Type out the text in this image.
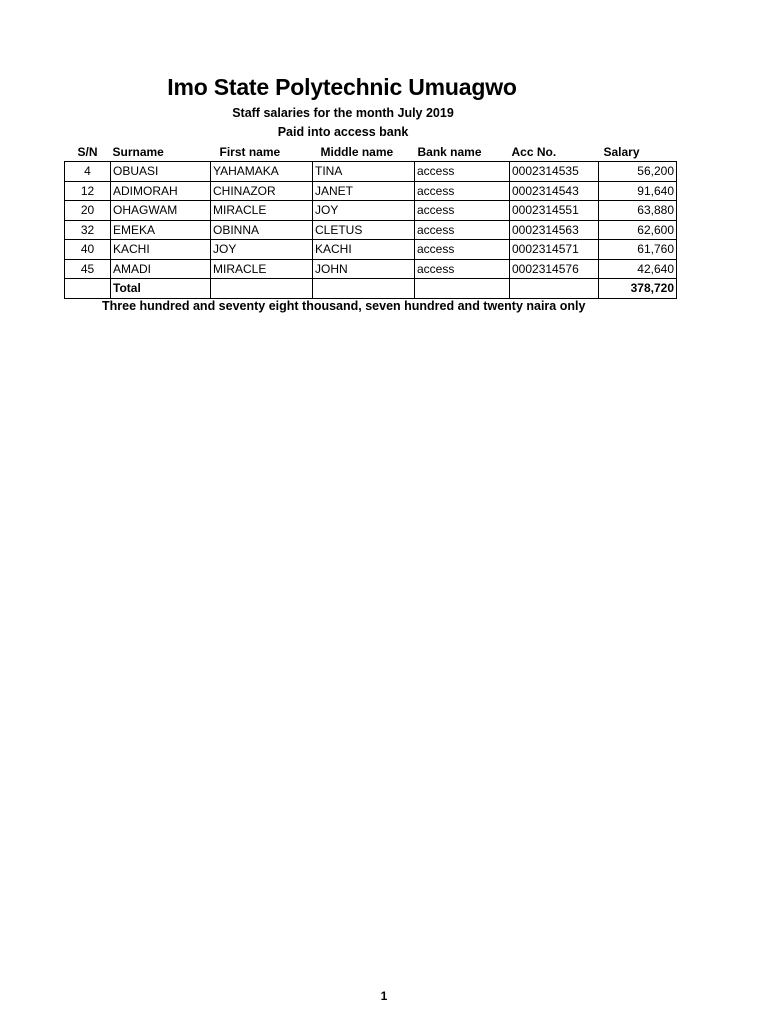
Imo State Polytechnic Umuagwo
Staff salaries for the month July 2019
Paid into access bank
S/N	Surname	First name	Middle name	Bank name	Acc No.	Salary
4	OBUASI	YAHAMAKA	TINA	access	0002314535	56,200
12	ADIMORAH	CHINAZOR	JANET	access	0002314543	91,640
20	OHAGWAM	MIRACLE	JOY	access	0002314551	63,880
32	EMEKA	OBINNA	CLETUS	access	0002314563	62,600
40	KACHI	JOY	KACHI	access	0002314571	61,760
45	AMADI	MIRACLE	JOHN	access	0002314576	42,640
	Total					378,720
Three hundred and seventy eight thousand, seven hundred and twenty naira only
1
